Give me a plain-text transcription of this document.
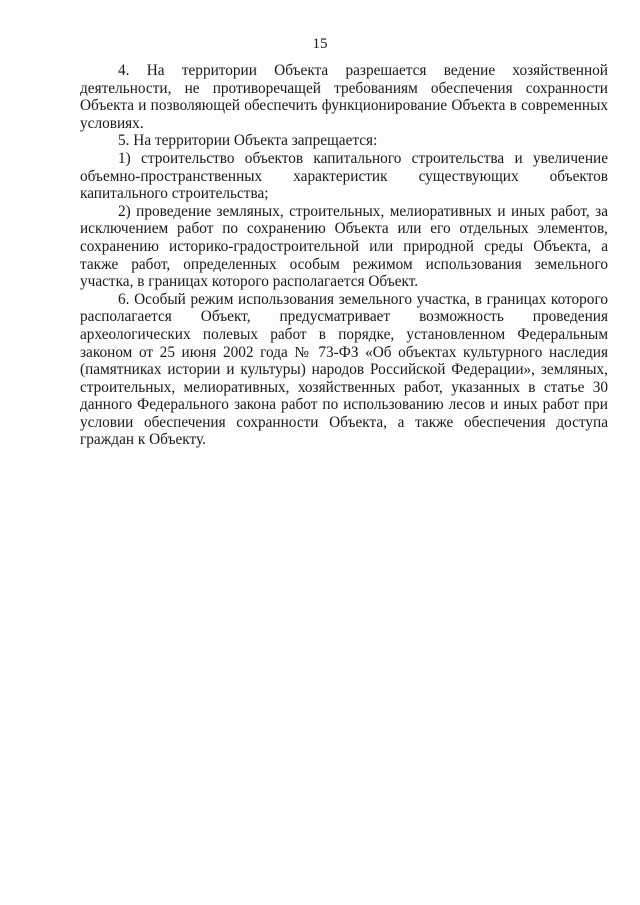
15

4. На территории Объекта разрешается ведение хозяйственной деятельности, не противоречащей требованиям обеспечения сохранности Объекта и позволяющей обеспечить функционирование Объекта в современных условиях.

5. На территории Объекта запрещается:

1) строительство объектов капитального строительства и увеличение объемно-пространственных характеристик существующих объектов капитального строительства;

2) проведение земляных, строительных, мелиоративных и иных работ, за исключением работ по сохранению Объекта или его отдельных элементов, сохранению историко-градостроительной или природной среды Объекта, а также работ, определенных особым режимом использования земельного участка, в границах которого располагается Объект.

6. Особый режим использования земельного участка, в границах которого располагается Объект, предусматривает возможность проведения археологических полевых работ в порядке, установленном Федеральным законом от 25 июня 2002 года № 73-ФЗ «Об объектах культурного наследия (памятниках истории и культуры) народов Российской Федерации», земляных, строительных, мелиоративных, хозяйственных работ, указанных в статье 30 данного Федерального закона работ по использованию лесов и иных работ при условии обеспечения сохранности Объекта, а также обеспечения доступа граждан к Объекту.
